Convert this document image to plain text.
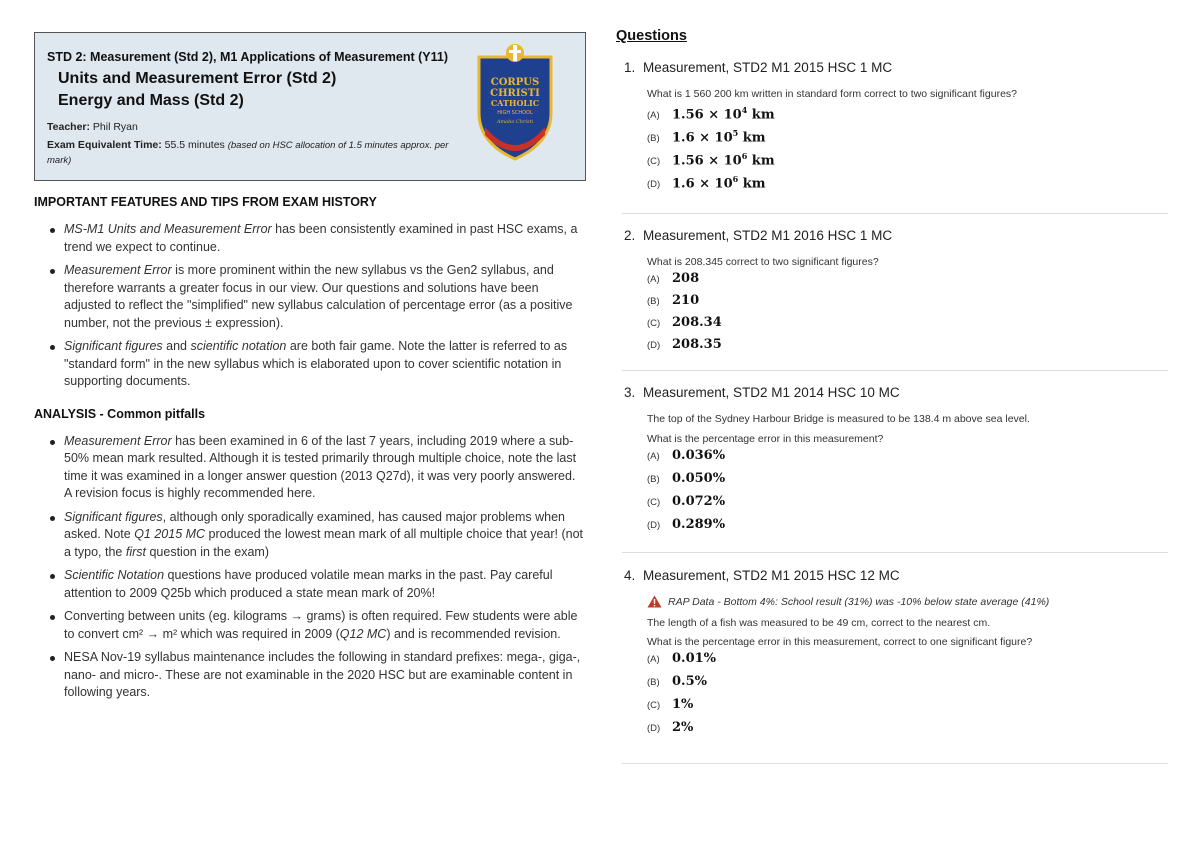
STD 2: Measurement (Std 2), M1 Applications of Measurement (Y11)
Units and Measurement Error (Std 2)
Energy and Mass (Std 2)
Teacher: Phil Ryan
Exam Equivalent Time: 55.5 minutes (based on HSC allocation of 1.5 minutes approx. per mark)
CORPUS
CHRISTI
CATHOLIC
HIGH SCHOOL
Amabo Christi
IMPORTANT FEATURES AND TIPS FROM EXAM HISTORY
MS-M1 Units and Measurement Error has been consistently examined in past HSC exams, a trend we expect to continue.
Measurement Error is more prominent within the new syllabus vs the Gen2 syllabus, and therefore warrants a greater focus in our view. Our questions and solutions have been adjusted to reflect the "simplified" new syllabus calculation of percentage error (as a positive number, not the previous ± expression).
Significant figures and scientific notation are both fair game. Note the latter is referred to as "standard form" in the new syllabus which is elaborated upon to cover scientific notation in supporting documents.
ANALYSIS - Common pitfalls
Measurement Error has been examined in 6 of the last 7 years, including 2019 where a sub-50% mean mark resulted. Although it is tested primarily through multiple choice, note the last time it was examined in a longer answer question (2013 Q27d), it was very poorly answered. A revision focus is highly recommended here.
Significant figures, although only sporadically examined, has caused major problems when asked. Note Q1 2015 MC produced the lowest mean mark of all multiple choice that year! (not a typo, the first question in the exam)
Scientific Notation questions have produced volatile mean marks in the past. Pay careful attention to 2009 Q25b which produced a state mean mark of 20%!
Converting between units (eg. kilograms → grams) is often required. Few students were able to convert cm² → m² which was required in 2009 (Q12 MC) and is recommended revision.
NESA Nov-19 syllabus maintenance includes the following in standard prefixes: mega-, giga-, nano- and micro-. These are not examinable in the 2020 HSC but are examinable content in following years.
Questions
1. Measurement, STD2 M1 2015 HSC 1 MC
What is 1 560 200 km written in standard form correct to two significant figures?
(A) $1.56 \times 10^4$ km
(B) $1.6 \times 10^5$ km
(C) $1.56 \times 10^6$ km
(D) $1.6 \times 10^6$ km
2. Measurement, STD2 M1 2016 HSC 1 MC
What is 208.345 correct to two significant figures?
(A) 208
(B) 210
(C) 208.34
(D) 208.35
3. Measurement, STD2 M1 2014 HSC 10 MC
The top of the Sydney Harbour Bridge is measured to be 138.4 m above sea level.
What is the percentage error in this measurement?
(A) 0.036%
(B) 0.050%
(C) 0.072%
(D) 0.289%
4. Measurement, STD2 M1 2015 HSC 12 MC
RAP Data - Bottom 4%: School result (31%) was -10% below state average (41%)
The length of a fish was measured to be 49 cm, correct to the nearest cm.
What is the percentage error in this measurement, correct to one significant figure?
(A) 0.01%
(B) 0.5%
(C) 1%
(D) 2%
